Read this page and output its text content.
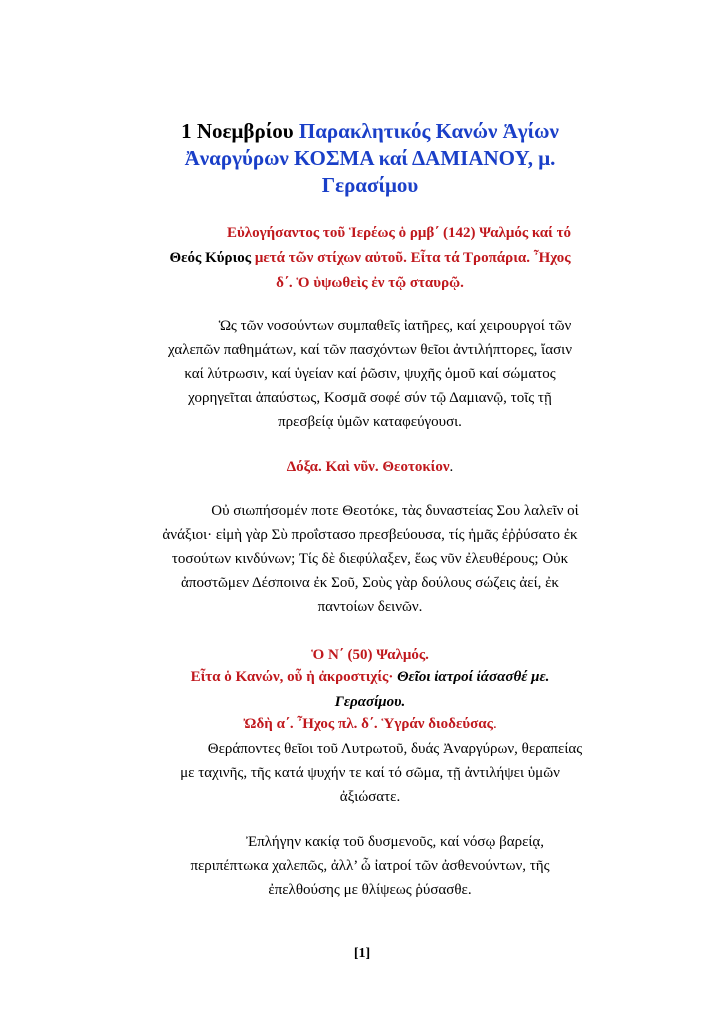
1 Νοεμβρίου Παρακλητικός Κανών Ἁγίων
Ἀναργύρων ΚΟΣΜΑ καί ΔΑΜΙΑΝΟΥ, μ.
Γερασίμου
Εὐλογήσαντος τοῦ Ἱερέως ὁ ρμβ΄ (142) Ψαλμός καί τό
Θεός Κύριος μετά τῶν στίχων αὐτοῦ. Εἶτα τά Τροπάρια. Ἦχος
δ΄. Ὁ ὑψωθεὶς ἐν τῷ σταυρῷ.
Ὡς τῶν νοσούντων συμπαθεῖς ἰατῆρες, καί χειρουργοί τῶν
χαλεπῶν παθημάτων, καί τῶν πασχόντων θεῖοι ἀντιλήπτορες, ἴασιν
καί λύτρωσιν, καί ὑγείαν καί ῥῶσιν, ψυχῆς ὁμοῦ καί σώματος
χορηγεῖται ἀπαύστως, Κοσμᾶ σοφέ σύν τῷ Δαμιανῷ, τοῖς τῇ
πρεσβείᾳ ὑμῶν καταφεύγουσι.
Δόξα. Καὶ νῦν. Θεοτοκίον.
Οὐ σιωπήσομέν ποτε Θεοτόκε, τὰς δυναστείας Σου λαλεῖν οἱ
ἀνάξιοι· εἰμὴ γὰρ Σὺ προΐστασο πρεσβεύουσα, τίς ἡμᾶς ἐῤῥύσατο ἐκ
τοσούτων κινδύνων; Τίς δὲ διεφύλαξεν, ἕως νῦν ἐλευθέρους; Οὐκ
ἀποστῶμεν Δέσποινα ἐκ Σοῦ, Σοὺς γὰρ δούλους σώζεις ἀεί, ἐκ
παντοίων δεινῶν.
Ὁ Ν΄ (50) Ψαλμός.
Εἶτα ὁ Κανών, οὗ ἡ ἀκροστιχίς· Θεῖοι ἰατροί ἰάσασθέ με.
Γερασίμου.
Ὠδὴ α΄. Ἦχος πλ. δ΄. Ὑγράν διοδεύσας.
Θεράποντες θεῖοι τοῦ Λυτρωτοῦ, δυάς Ἀναργύρων, θεραπείας
με ταχινῆς, τῆς κατά ψυχήν τε καί τό σῶμα, τῇ ἀντιλήψει ὑμῶν
ἀξιώσατε.
Ἐπλήγην κακίᾳ τοῦ δυσμενοῦς, καί νόσῳ βαρείᾳ,
περιπέπτωκα χαλεπῶς, ἀλλ’ ὦ ἰατροί τῶν ἀσθενούντων, τῆς
ἐπελθούσης με θλίψεως ῥύσασθε.
[1]
